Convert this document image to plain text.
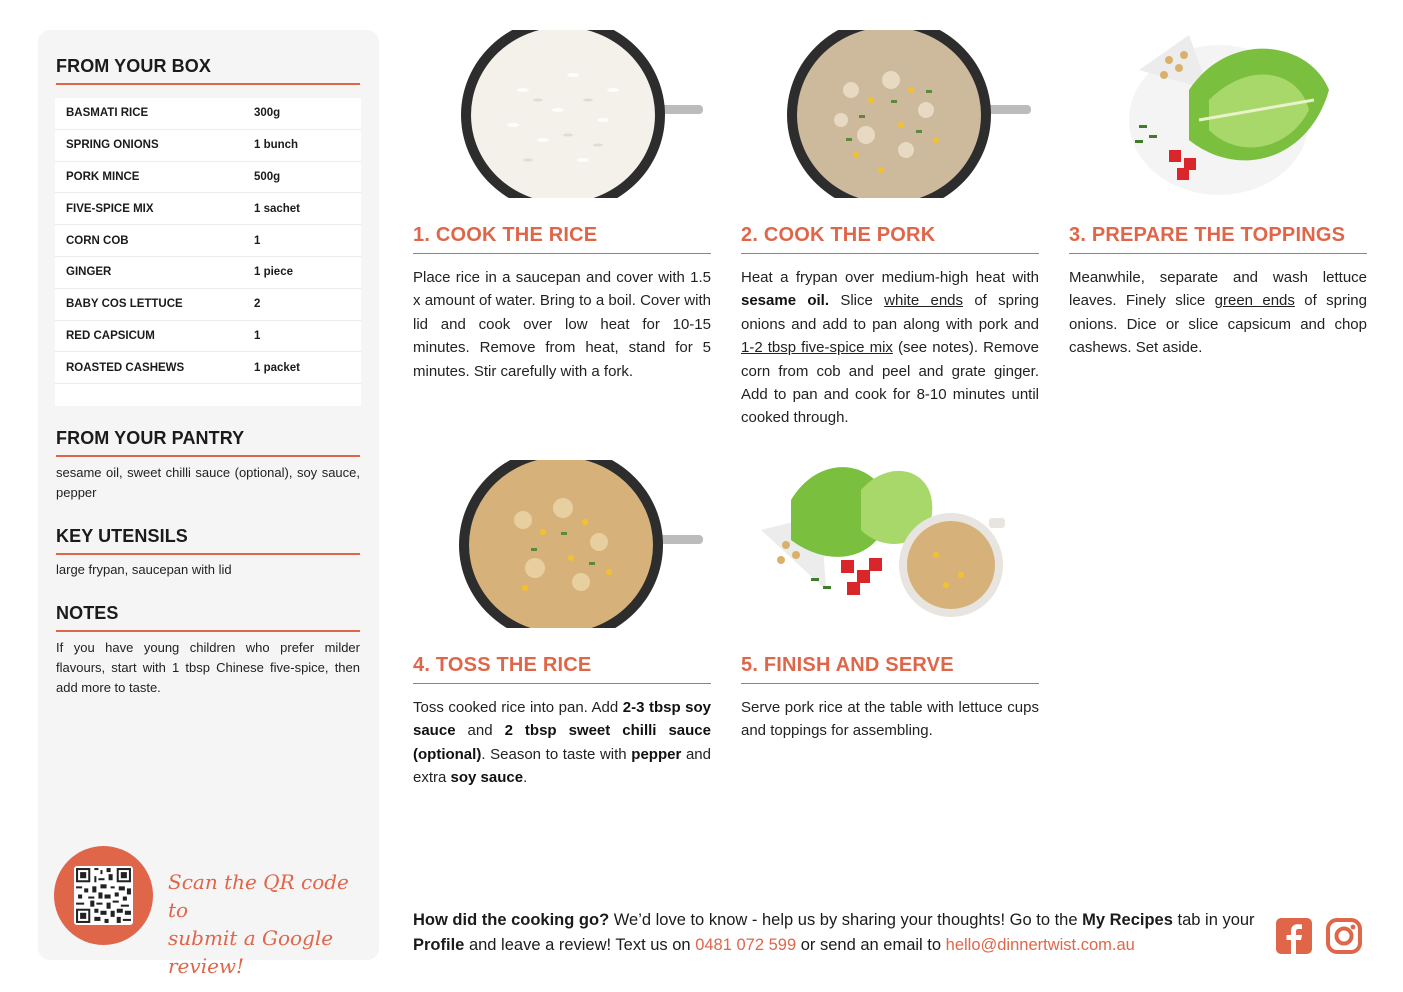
FROM YOUR BOX
BASMATI RICE	300g
SPRING ONIONS	1 bunch
PORK MINCE	500g
FIVE-SPICE MIX	1 sachet
CORN COB	1
GINGER	1 piece
BABY COS LETTUCE	2
RED CAPSICUM	1
ROASTED CASHEWS	1 packet
FROM YOUR PANTRY
sesame oil, sweet chilli sauce (optional), soy sauce, pepper
KEY UTENSILS
large frypan, saucepan with lid
NOTES
If you have young children who prefer milder flavours, start with 1 tbsp Chinese five-spice, then add more to taste.
Scan the QR code to
submit a Google review!
1. COOK THE RICE
Place rice in a saucepan and cover with 1.5 x amount of water. Bring to a boil. Cover with lid and cook over low heat for 10-15 minutes. Remove from heat, stand for 5 minutes. Stir carefully with a fork.
2. COOK THE PORK
Heat a frypan over medium-high heat with sesame oil. Slice white ends of spring onions and add to pan along with pork and 1-2 tbsp five-spice mix (see notes). Remove corn from cob and peel and grate ginger. Add to pan and cook for 8-10 minutes until cooked through.
3. PREPARE THE TOPPINGS
Meanwhile, separate and wash lettuce leaves. Finely slice green ends of spring onions. Dice or slice capsicum and chop cashews. Set aside.
4. TOSS THE RICE
Toss cooked rice into pan. Add 2-3 tbsp soy sauce and 2 tbsp sweet chilli sauce (optional). Season to taste with pepper and extra soy sauce.
5. FINISH AND SERVE
Serve pork rice at the table with lettuce cups and toppings for assembling.
How did the cooking go? We’d love to know - help us by sharing your thoughts! Go to the My Recipes tab in your Profile and leave a review! Text us on 0481 072 599 or send an email to hello@dinnertwist.com.au
